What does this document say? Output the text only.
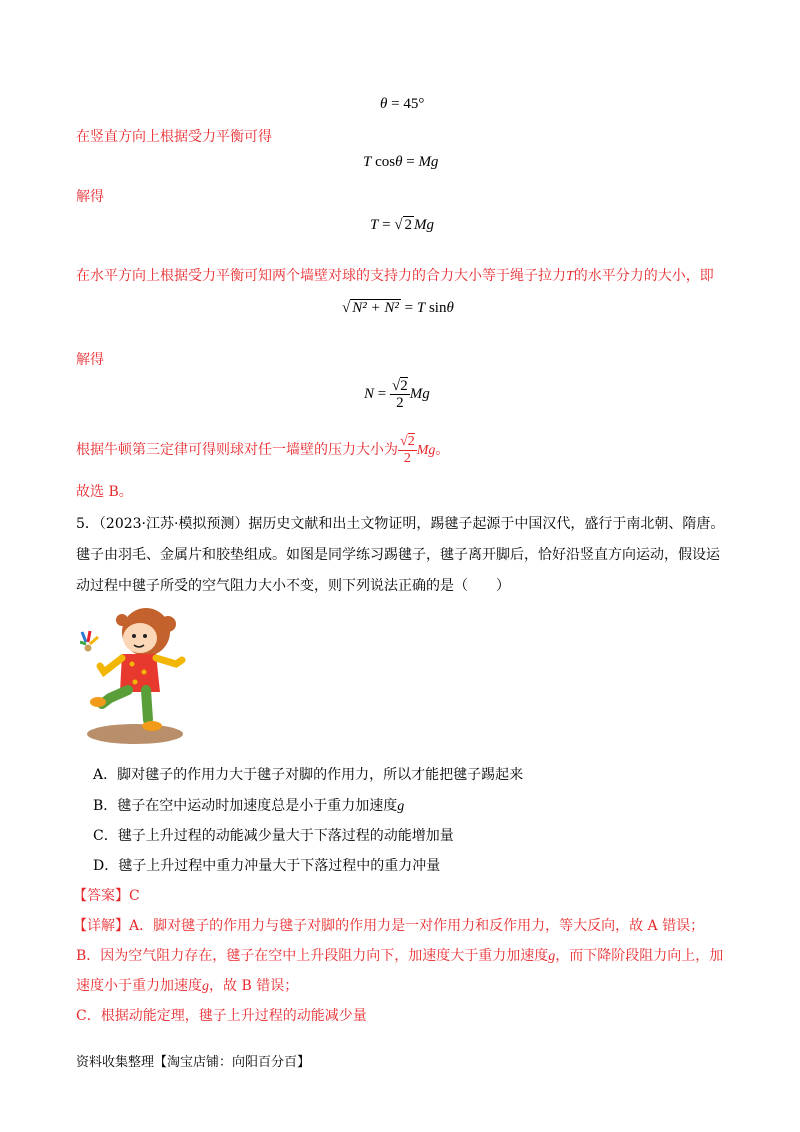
θ = 45°
在竖直方向上根据受力平衡可得
T cosθ = Mg
解得
T = √ 2 Mg
在水平方向上根据受力平衡可知两个墙壁对球的支持力的合力大小等于绳子拉力T的水平分力的大小，即
√ N² + N² = T sinθ
解得
$N = \frac{√2}{2}$ Mg
根据牛顿第三定律可得则球对任一墙壁的压力大小为 $\frac{√2}{2}$ Mg。
故选 B。
5．（2023·江苏·模拟预测）据历史文献和出土文物证明，踢毽子起源于中国汉代，盛行于南北朝、隋唐。
毽子由羽毛、金属片和胶垫组成。如图是同学练习踢毽子，毽子离开脚后，恰好沿竖直方向运动，假设运
动过程中毽子所受的空气阻力大小不变，则下列说法正确的是（　　）
A．脚对毽子的作用力大于毽子对脚的作用力，所以才能把毽子踢起来
B．毽子在空中运动时加速度总是小于重力加速度g
C．毽子上升过程的动能减少量大于下落过程的动能增加量
D．毽子上升过程中重力冲量大于下落过程中的重力冲量
【答案】C
【详解】A．脚对毽子的作用力与毽子对脚的作用力是一对作用力和反作用力，等大反向，故 A 错误；
B．因为空气阻力存在，毽子在空中上升段阻力向下，加速度大于重力加速度g，而下降阶段阻力向上，加
速度小于重力加速度g，故 B 错误；
C．根据动能定理，毽子上升过程的动能减少量
资料收集整理【淘宝店铺：向阳百分百】
